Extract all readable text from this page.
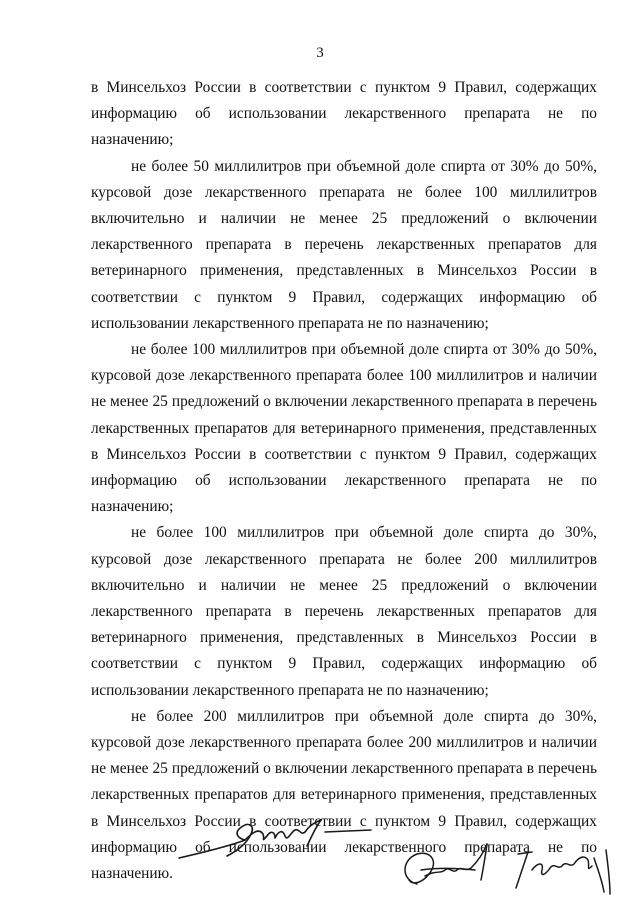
3

в Минсельхоз России в соответствии с пунктом 9 Правил, содержащих информацию об использовании лекарственного препарата не по назначению;

не более 50 миллилитров при объемной доле спирта от 30% до 50%, курсовой дозе лекарственного препарата не более 100 миллилитров включительно и наличии не менее 25 предложений о включении лекарственного препарата в перечень лекарственных препаратов для ветеринарного применения, представленных в Минсельхоз России в соответствии с пунктом 9 Правил, содержащих информацию об использовании лекарственного препарата не по назначению;

не более 100 миллилитров при объемной доле спирта от 30% до 50%, курсовой дозе лекарственного препарата более 100 миллилитров и наличии не менее 25 предложений о включении лекарственного препарата в перечень лекарственных препаратов для ветеринарного применения, представленных в Минсельхоз России в соответствии с пунктом 9 Правил, содержащих информацию об использовании лекарственного препарата не по назначению;

не более 100 миллилитров при объемной доле спирта до 30%, курсовой дозе лекарственного препарата не более 200 миллилитров включительно и наличии не менее 25 предложений о включении лекарственного препарата в перечень лекарственных препаратов для ветеринарного применения, представленных в Минсельхоз России в соответствии с пунктом 9 Правил, содержащих информацию об использовании лекарственного препарата не по назначению;

не более 200 миллилитров при объемной доле спирта до 30%, курсовой дозе лекарственного препарата более 200 миллилитров и наличии не менее 25 предложений о включении лекарственного препарата в перечень лекарственных препаратов для ветеринарного применения, представленных в Минсельхоз России в соответствии с пунктом 9 Правил, содержащих информацию об использовании лекарственного препарата не по назначению.
